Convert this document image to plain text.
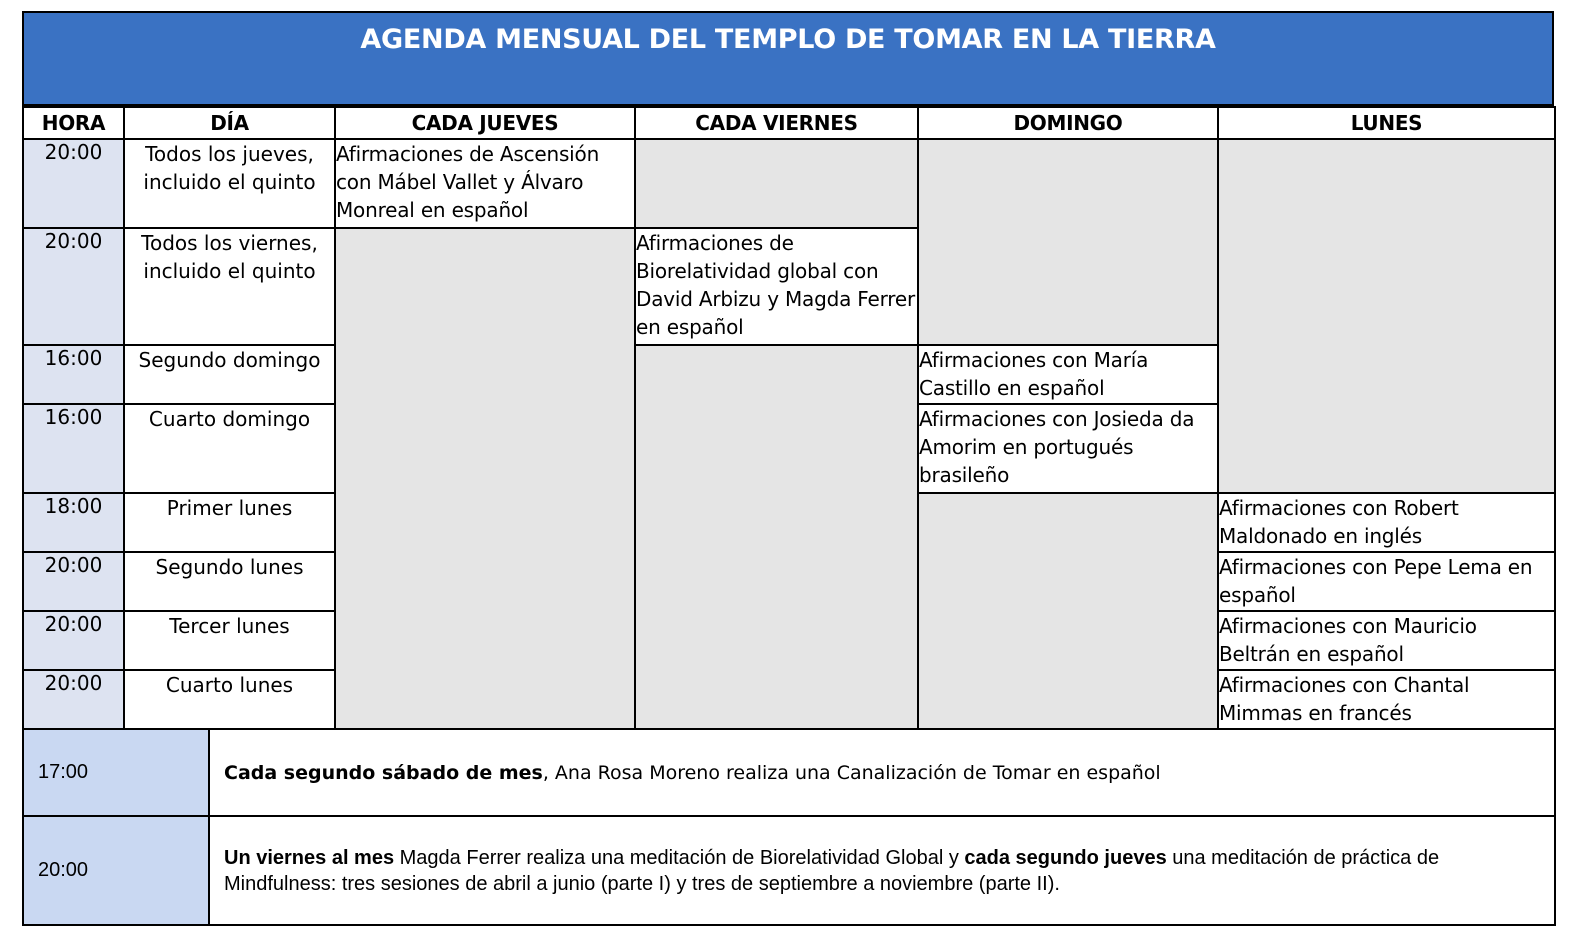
AGENDA MENSUAL DEL TEMPLO DE TOMAR EN LA TIERRA
HORA	DÍA	CADA JUEVES	CADA VIERNES	DOMINGO	LUNES
20:00	Todos los jueves, incluido el quinto	Afirmaciones de Ascensión con Mábel Vallet y Álvaro Monreal en español			
20:00	Todos los viernes, incluido el quinto		Afirmaciones de Biorelatividad global con David Arbizu y Magda Ferrer en español		
16:00	Segundo domingo			Afirmaciones con María Castillo en español	
16:00	Cuarto domingo			Afirmaciones con Josieda da Amorim en portugués brasileño	
18:00	Primer lunes				Afirmaciones con Robert Maldonado en inglés
20:00	Segundo lunes				Afirmaciones con Pepe Lema en español
20:00	Tercer lunes				Afirmaciones con Mauricio Beltrán en español
20:00	Cuarto lunes				Afirmaciones con Chantal Mimmas en francés
17:00	Cada segundo sábado de mes, Ana Rosa Moreno realiza una Canalización de Tomar en español
20:00	Un viernes al mes Magda Ferrer realiza una meditación de Biorelatividad Global y cada segundo jueves una meditación de práctica de Mindfulness: tres sesiones de abril a junio (parte I) y tres de septiembre a noviembre (parte II).
